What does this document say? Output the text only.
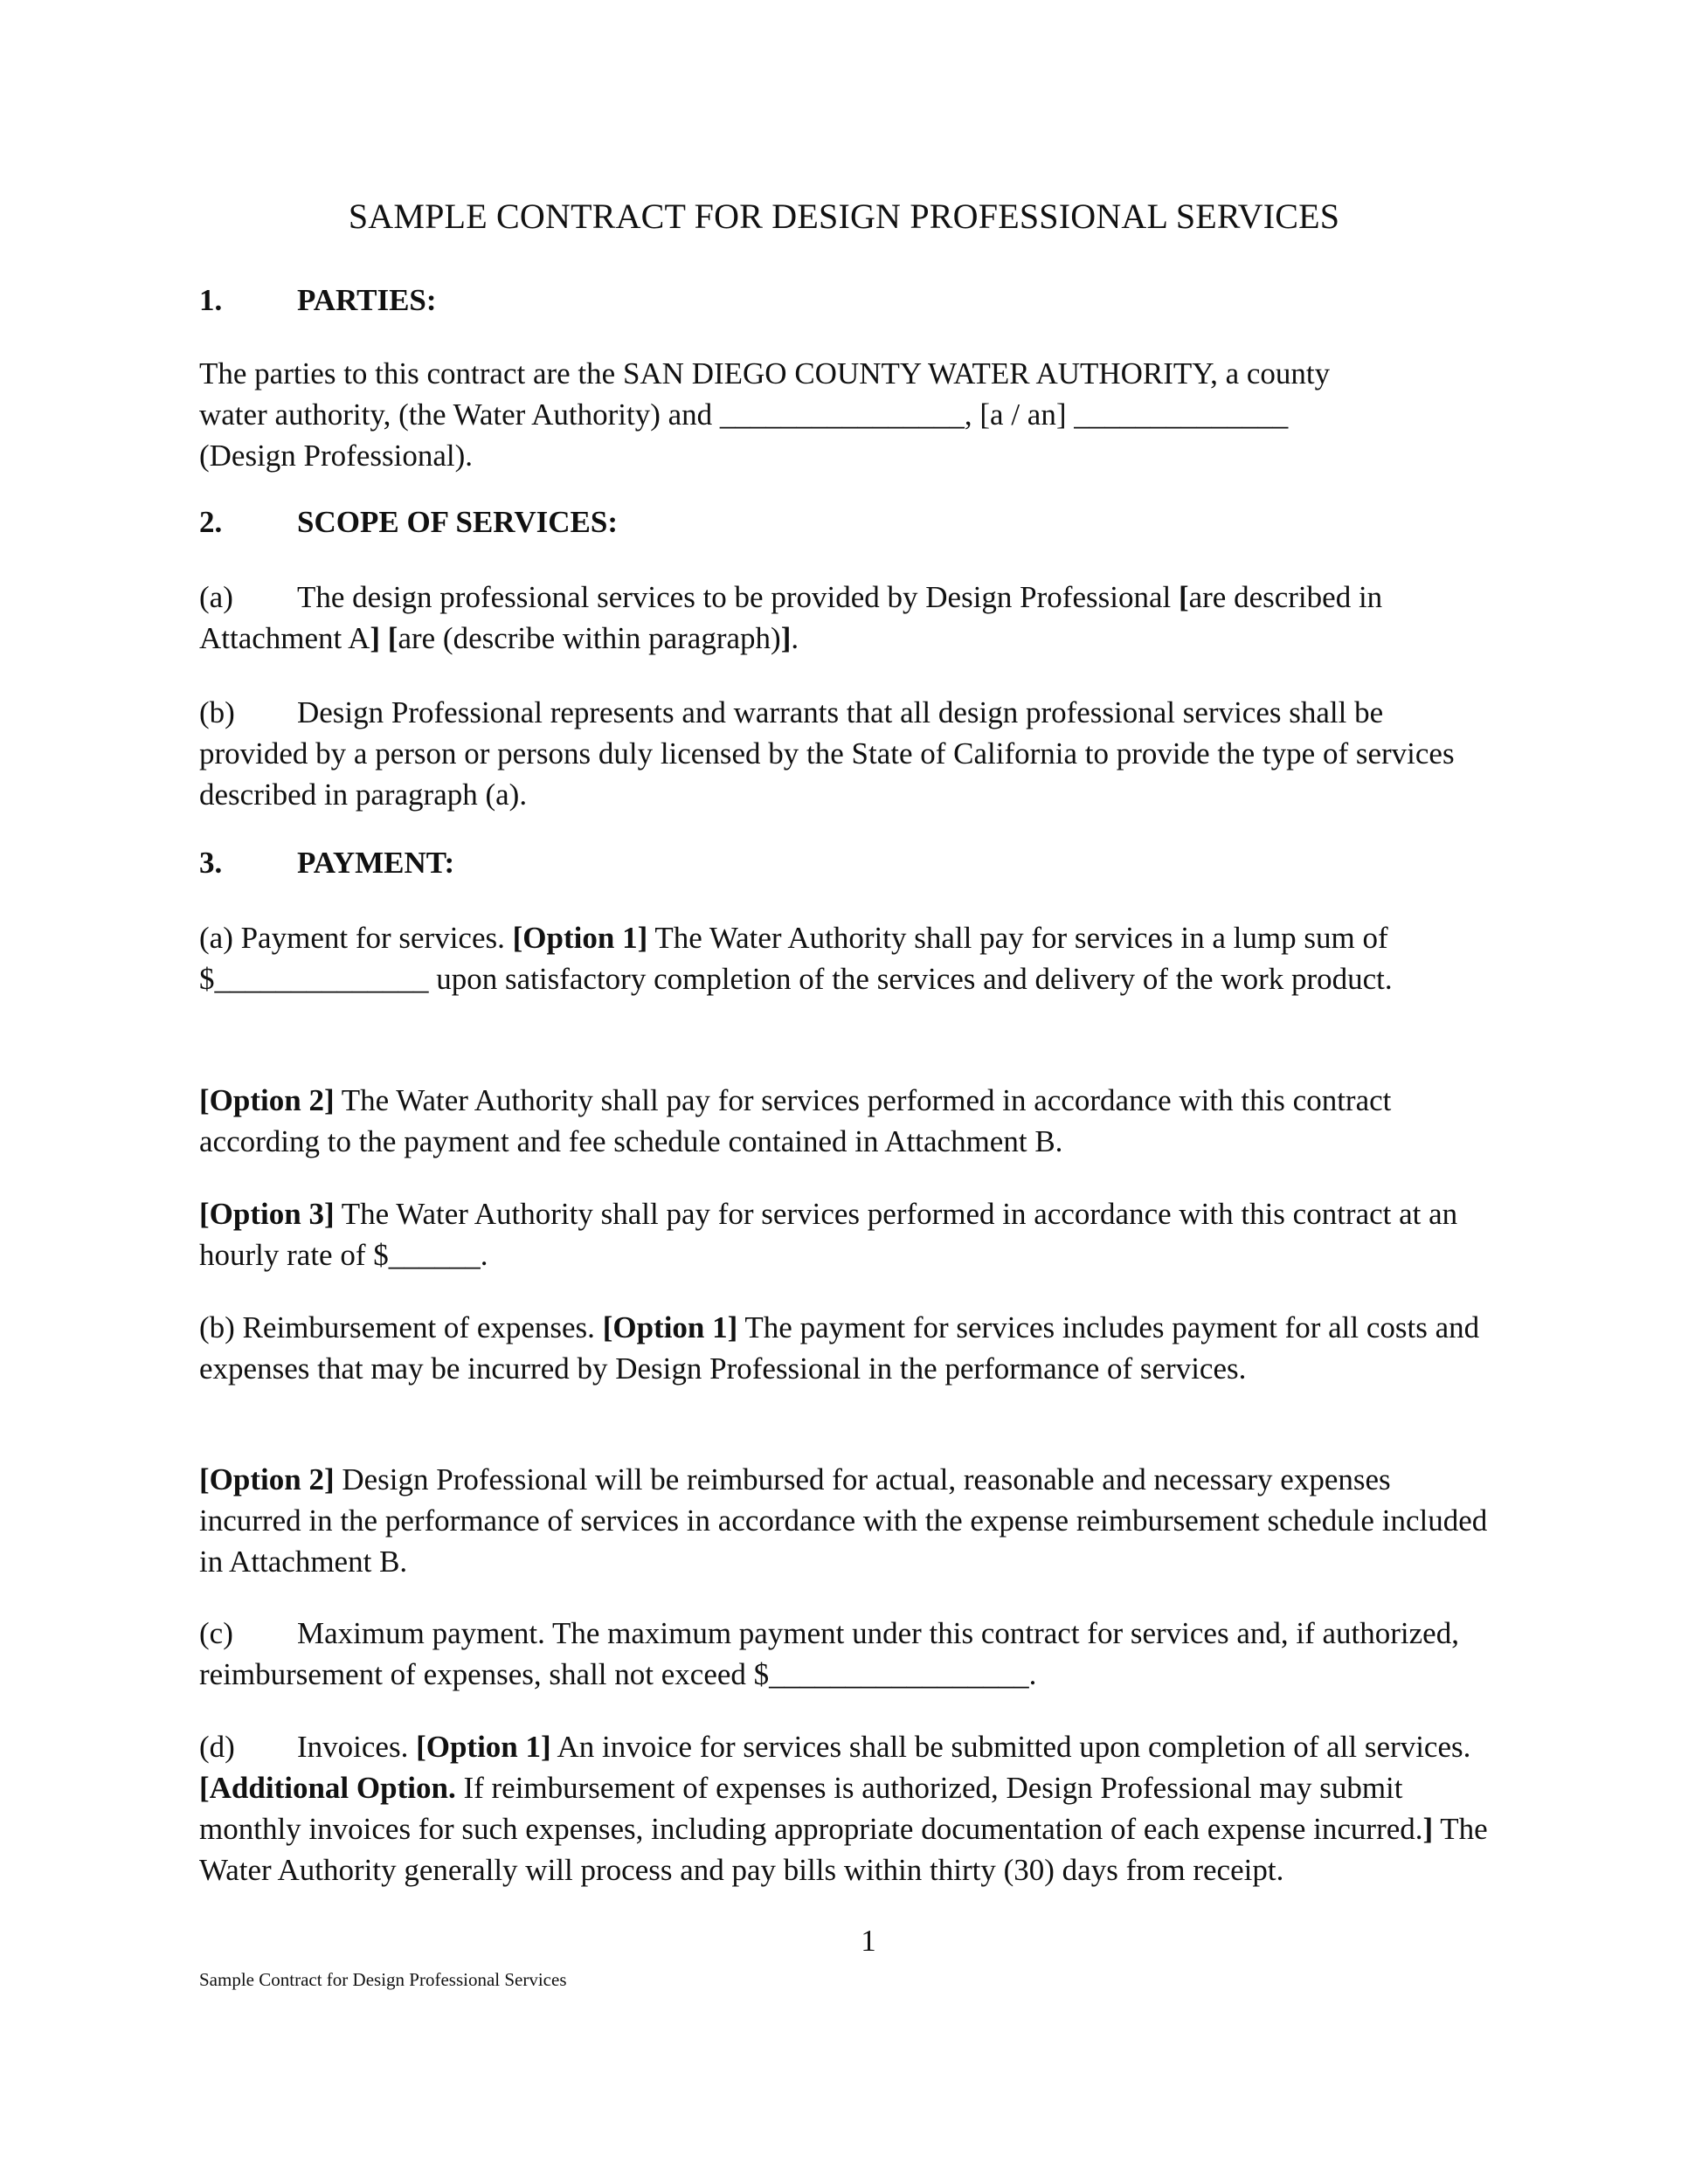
SAMPLE CONTRACT FOR DESIGN PROFESSIONAL SERVICES
1. PARTIES:
The parties to this contract are the SAN DIEGO COUNTY WATER AUTHORITY, a county
water authority, (the Water Authority) and ________________, [a / an] ______________
(Design Professional).
2. SCOPE OF SERVICES:

(a) The design professional services to be provided by Design Professional [are described in Attachment A] [are (describe within paragraph)].

(b) Design Professional represents and warrants that all design professional services shall be provided by a person or persons duly licensed by the State of California to provide the type of services described in paragraph (a).

3. PAYMENT:

(a) Payment for services. [Option 1] The Water Authority shall pay for services in a lump sum of $______________ upon satisfactory completion of the services and delivery of the work product.

[Option 2] The Water Authority shall pay for services performed in accordance with this contract according to the payment and fee schedule contained in Attachment B.

[Option 3] The Water Authority shall pay for services performed in accordance with this contract at an hourly rate of $______.

(b) Reimbursement of expenses. [Option 1] The payment for services includes payment for all costs and expenses that may be incurred by Design Professional in the performance of services.

[Option 2] Design Professional will be reimbursed for actual, reasonable and necessary expenses incurred in the performance of services in accordance with the expense reimbursement schedule included in Attachment B.

(c) Maximum payment. The maximum payment under this contract for services and, if authorized, reimbursement of expenses, shall not exceed $_________________.

(d) Invoices. [Option 1] An invoice for services shall be submitted upon completion of all services. [Additional Option. If reimbursement of expenses is authorized, Design Professional may submit monthly invoices for such expenses, including appropriate documentation of each expense incurred.] The Water Authority generally will process and pay bills within thirty (30) days from receipt.

1
Sample Contract for Design Professional Services
